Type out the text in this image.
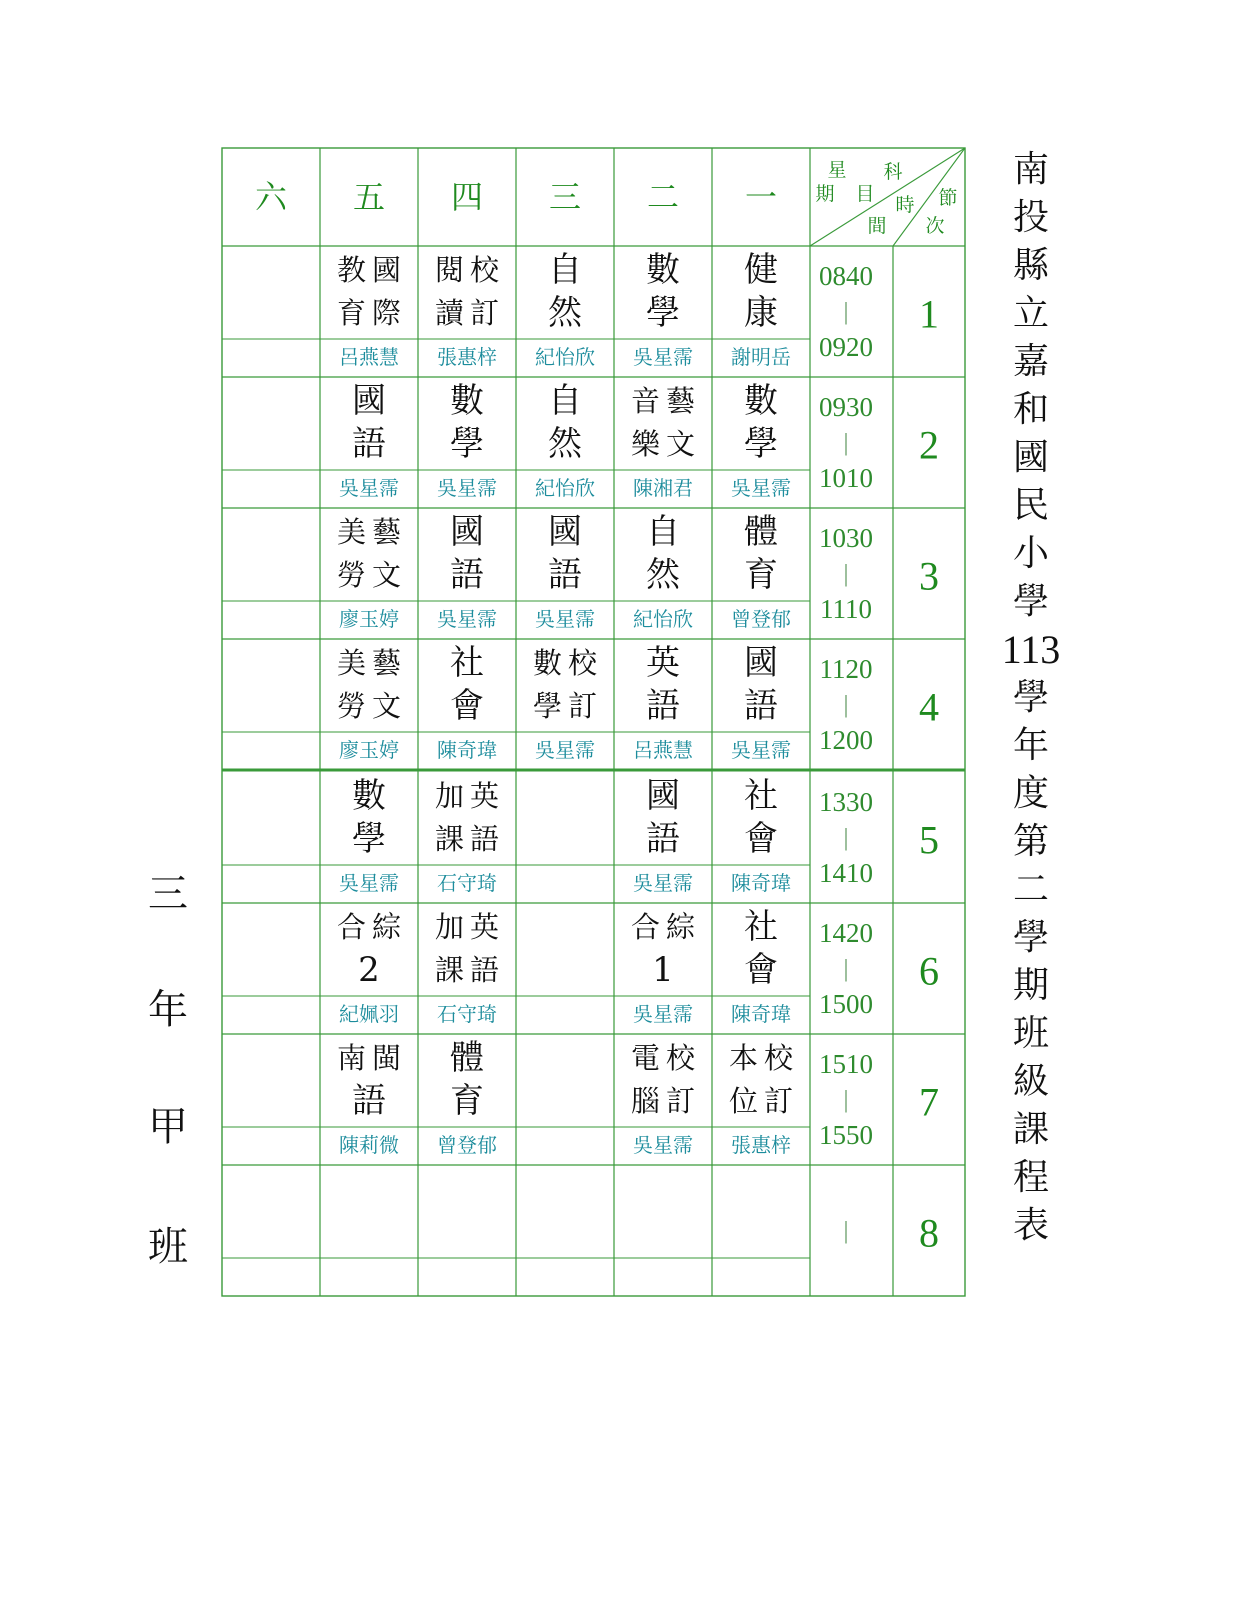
六 五 四 三 二 一
星
期
科
目
間
時 節
次
0840
|
0920
1
教 國
育 際
呂燕慧
閱 校
讀 訂
張惠梓
自
然
紀怡欣
數
學
吳星霈
健
康
謝明岳
0930
|
1010
2
國
語
吳星霈
數
學
吳星霈
自
然
紀怡欣
音 藝
樂 文
陳湘君
數
學
吳星霈
1030
|
1110
3
美 藝
勞 文
廖玉婷
國
語
吳星霈
國
語
吳星霈
自
然
紀怡欣
體
育
曾登郁
1120
|
1200
4
美 藝
勞 文
廖玉婷
社
會
陳奇瑋
數 校
學 訂
吳星霈
英
語
呂燕慧
國
語
吳星霈
1330
|
1410
5
數
學
吳星霈
加 英
課 語
石守琦
國
語
吳星霈
社
會
陳奇瑋
1420
|
1500
6
合 綜
2
紀姵羽
加 英
課 語
石守琦
合 綜
1
吳星霈
社
會
陳奇瑋
1510
|
1550
7
南 閩
語
陳莉微
體
育
曾登郁
電 校
腦 訂
吳星霈
本 校
位 訂
張惠梓
| 8
南
投
縣
立
嘉
和
國
民
小
學
113
學
年
度
第
二
學
期
班
級
課
程
表
三
年
甲
班
